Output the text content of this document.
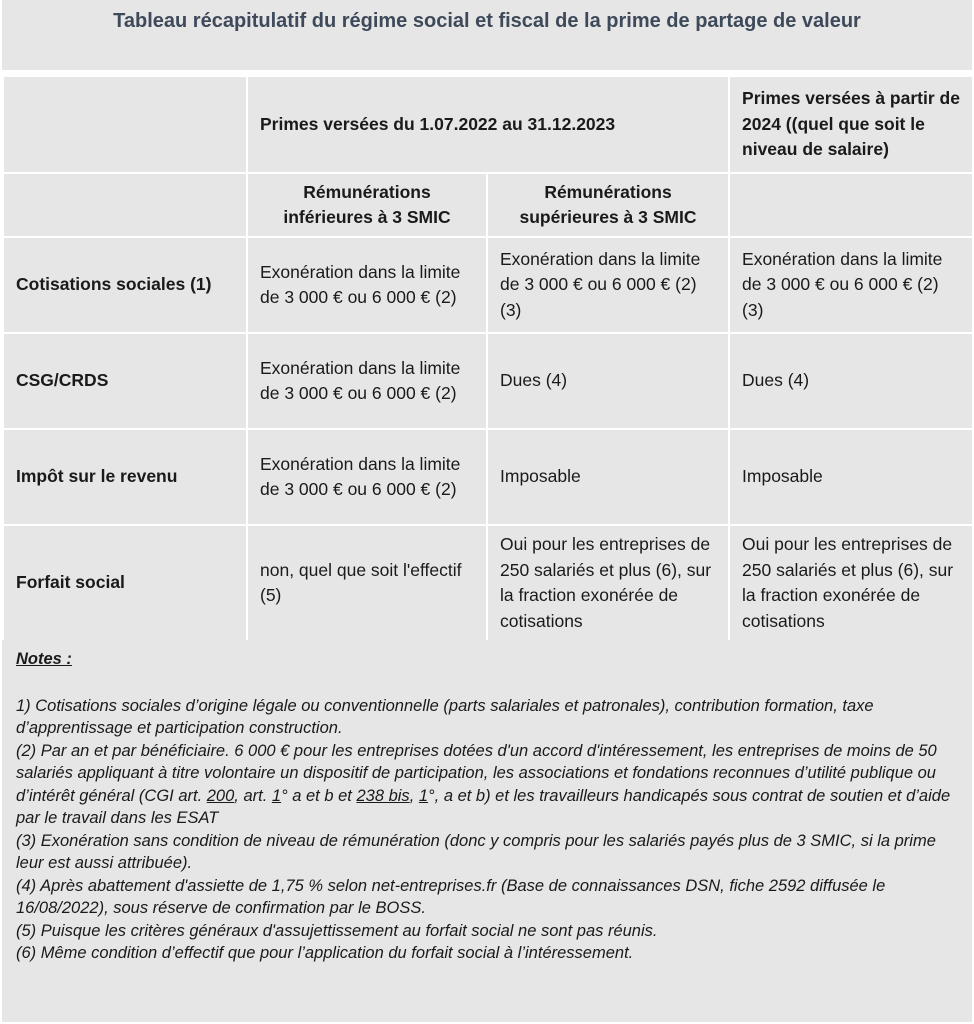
Tableau récapitulatif du régime social et fiscal de la prime de partage de valeur
	Primes versées du 1.07.2022 au 31.12.2023		Primes versées à partir de 2024 ((quel que soit le niveau de salaire)
	Rémunérations inférieures à 3 SMIC	Rémunérations supérieures à 3 SMIC	
Cotisations sociales (1)	Exonération dans la limite de 3 000 € ou 6 000 € (2)	Exonération dans la limite de 3 000 € ou 6 000 € (2) (3)	Exonération dans la limite de 3 000 € ou 6 000 € (2) (3)
CSG/CRDS	Exonération dans la limite de 3 000 € ou 6 000 € (2)	Dues (4)	Dues (4)
Impôt sur le revenu	Exonération dans la limite de 3 000 € ou 6 000 € (2)	Imposable	Imposable
Forfait social	non, quel que soit l'effectif (5)	Oui pour les entreprises de 250 salariés et plus (6), sur la fraction exonérée de cotisations	Oui pour les entreprises de 250 salariés et plus (6), sur la fraction exonérée de cotisations
Notes :

1) Cotisations sociales d’origine légale ou conventionnelle (parts salariales et patronales), contribution formation, taxe d’apprentissage et participation construction.

(2) Par an et par bénéficiaire. 6 000 € pour les entreprises dotées d'un accord d'intéressement, les entreprises de moins de 50 salariés appliquant à titre volontaire un dispositif de participation, les associations et fondations reconnues d’utilité publique ou d’intérêt général (CGI art. 200, art. 1° a et b et 238 bis, 1°, a et b) et les travailleurs handicapés sous contrat de soutien et d’aide par le travail dans les ESAT

(3) Exonération sans condition de niveau de rémunération (donc y compris pour les salariés payés plus de 3 SMIC, si la prime leur est aussi attribuée).

(4) Après abattement d'assiette de 1,75 % selon net-entreprises.fr (Base de connaissances DSN, fiche 2592 diffusée le 16/08/2022), sous réserve de confirmation par le BOSS.

(5) Puisque les critères généraux d'assujettissement au forfait social ne sont pas réunis.

(6) Même condition d’effectif que pour l’application du forfait social à l’intéressement.
